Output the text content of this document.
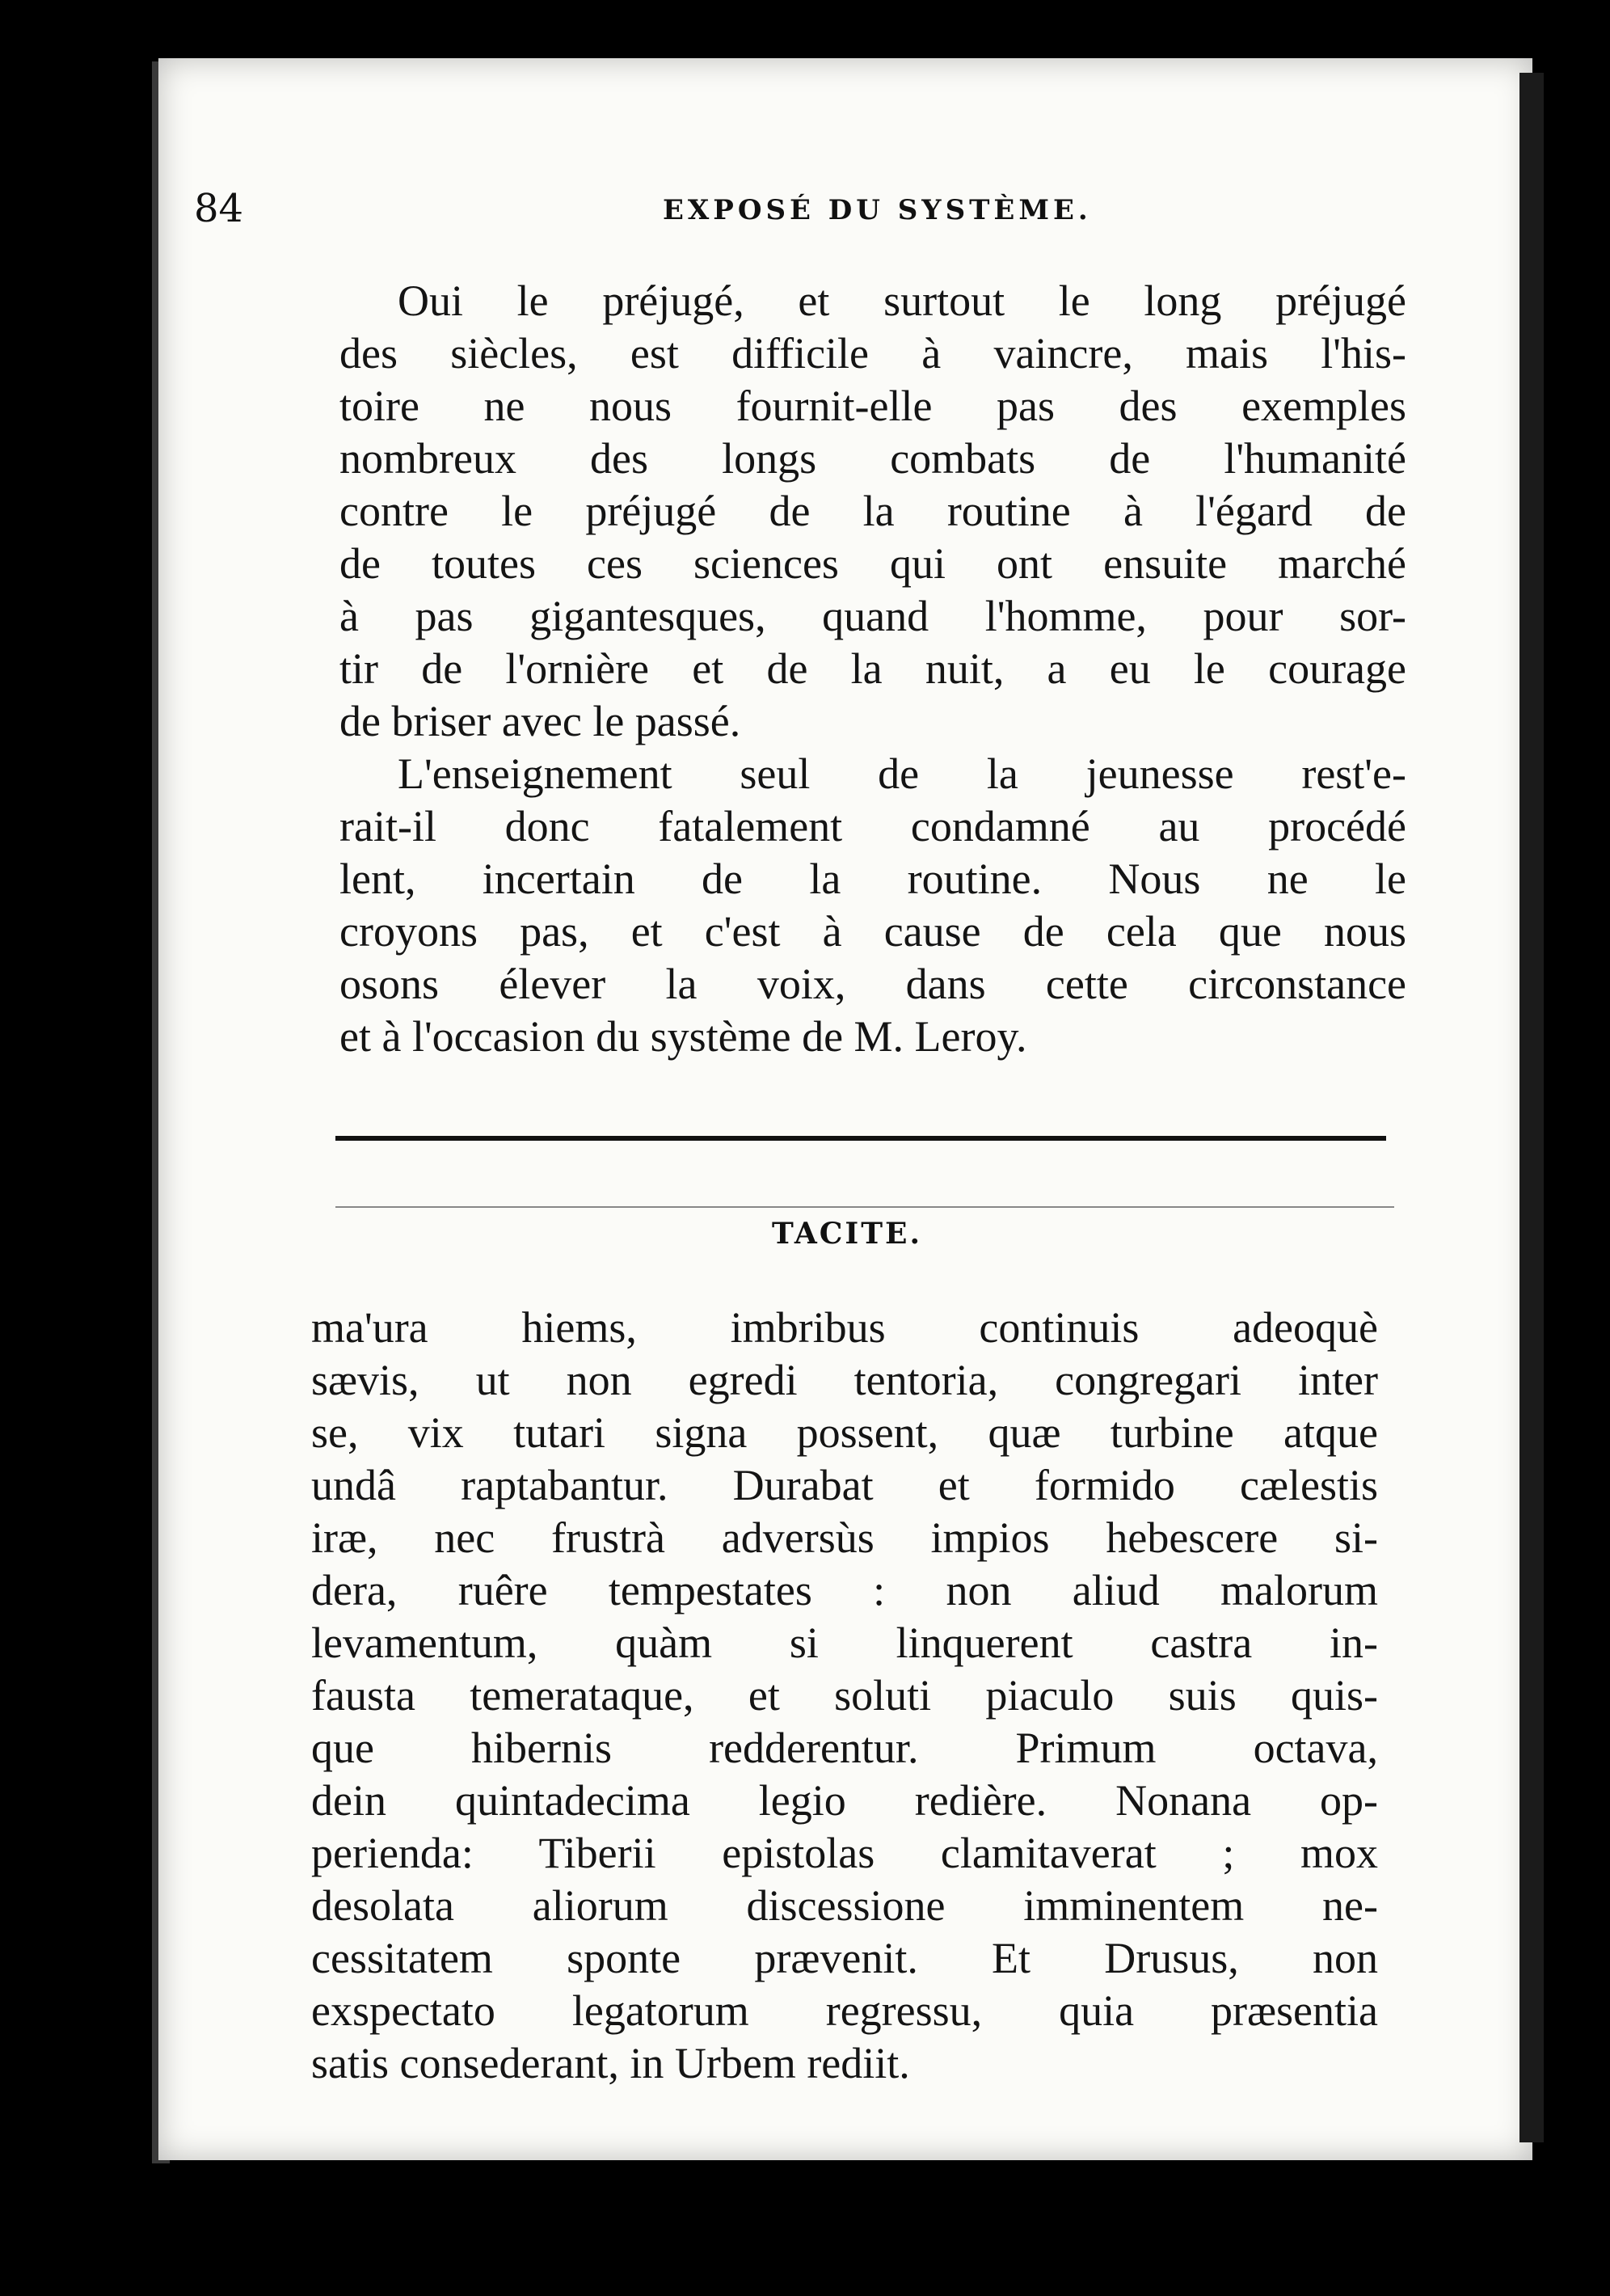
84	EXPOSÉ DU SYSTÈME.
Oui le préjugé, et surtout le long préjugé
des siècles, est difficile à vaincre, mais l'his-
toire ne nous fournit-elle pas des exemples
nombreux des longs combats de l'humanité
contre le préjugé de la routine à l'égard de
de toutes ces sciences qui ont ensuite marché
à pas gigantesques, quand l'homme, pour sor-
tir de l'ornière et de la nuit, a eu le courage
de briser avec le passé.
L'enseignement seul de la jeunesse rest'e-
rait-il donc fatalement condamné au procédé
lent, incertain de la routine. Nous ne le
croyons pas, et c'est à cause de cela que nous
osons élever la voix, dans cette circonstance
et à l'occasion du système de M. Leroy.
TACITE.
ma'ura hiems, imbribus continuis adeoquè
sævis, ut non egredi tentoria, congregari inter
se, vix tutari signa possent, quæ turbine atque
undâ raptabantur. Durabat et formido cælestis
iræ, nec frustrà adversùs impios hebescere si-
dera, ruêre tempestates : non aliud malorum
levamentum, quàm si linquerent castra in-
fausta temerataque, et soluti piaculo suis quis-
que hibernis redderentur. Primum octava,
dein quintadecima legio redière. Nonana op-
perienda: Tiberii epistolas clamitaverat ; mox
desolata aliorum discessione imminentem ne-
cessitatem sponte prævenit. Et Drusus, non
exspectato legatorum regressu, quia præsentia
satis consederant, in Urbem rediit.
